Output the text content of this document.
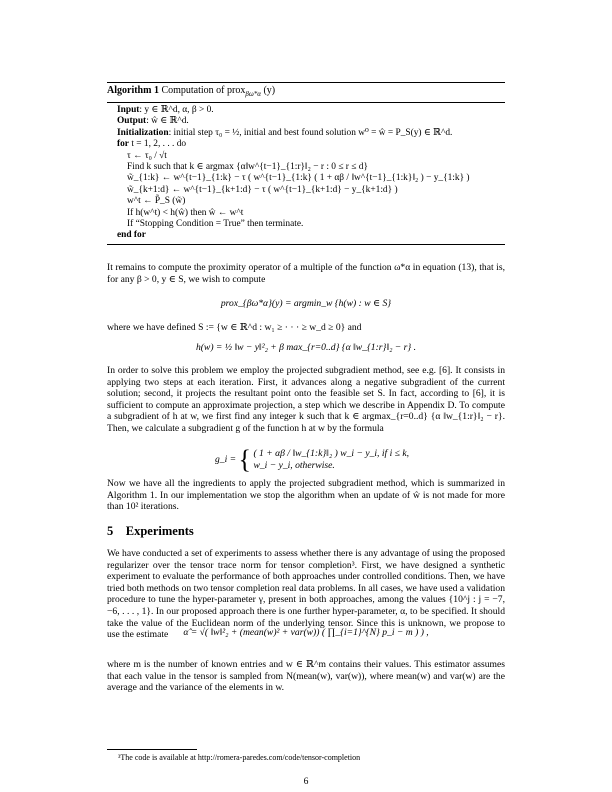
Algorithm 1 Computation of prox$_{\beta\omega*\alpha}$ (y)
Input: y ∈ ℝ^d, α, β > 0.
Output: ŵ ∈ ℝ^d.
Initialization: initial step τ₀ = ½, initial and best found solution w⁰ = ŵ = P_S(y) ∈ ℝ^d.
for t = 1, 2, . . . do
τ ← τ₀ / √t
Find k such that k ∈ argmax {α‖w^{t−1}_{1:r}‖₂ − r : 0 ≤ r ≤ d}
w̃_{1:k} ← w^{t−1}_{1:k} − τ ( w^{t−1}_{1:k} ( 1 + αβ / ‖w^{t−1}_{1:k}‖₂ ) − y_{1:k} )
w̃_{k+1:d} ← w^{t−1}_{k+1:d} − τ ( w^{t−1}_{k+1:d} − y_{k+1:d} )
w^t ← P̃_S (w̃)
If h(w^t) < h(ŵ) then ŵ ← w^t
If “Stopping Condition = True” then terminate.
end for
It remains to compute the proximity operator of a multiple of the function ω*α in equation (13), that is, for any β > 0, y ∈ S, we wish to compute
prox_{βω*α}(y) = argmin_w {h(w) : w ∈ S}
where we have defined S := {w ∈ ℝ^d : w₁ ≥ · · · ≥ w_d ≥ 0} and
h(w) = ½ ‖w − y‖²₂ + β max_{r=0..d} {α ‖w_{1:r}‖₂ − r} .
In order to solve this problem we employ the projected subgradient method, see e.g. [6]. It consists in applying two steps at each iteration. First, it advances along a negative subgradient of the current solution; second, it projects the resultant point onto the feasible set S. In fact, according to [6], it is sufficient to compute an approximate projection, a step which we describe in Appendix D. To compute a subgradient of h at w, we first find any integer k such that k ∈ argmax_{r=0..d} {α ‖w_{1:r}‖₂ − r}. Then, we calculate a subgradient g of the function h at w by the formula
g_i = { ( 1 + αβ / ‖w_{1:k}‖₂ ) w_i − y_i, if i ≤ k,
w_i − y_i, otherwise.
Now we have all the ingredients to apply the projected subgradient method, which is summarized in Algorithm 1. In our implementation we stop the algorithm when an update of ŵ is not made for more than 10² iterations.
5 Experiments
We have conducted a set of experiments to assess whether there is any advantage of using the proposed regularizer over the tensor trace norm for tensor completion³. First, we have designed a synthetic experiment to evaluate the performance of both approaches under controlled conditions. Then, we have tried both methods on two tensor completion real data problems. In all cases, we have used a validation procedure to tune the hyper-parameter γ, present in both approaches, among the values {10^j : j = −7, −6, . . . , 1}. In our proposed approach there is one further hyper-parameter, α, to be specified. It should take the value of the Euclidean norm of the underlying tensor. Since this is unknown, we propose to use the estimate	α̂ = √( ‖w‖²₂ + (mean(w)² + var(w)) ( ∏_{i=1}^{N} p_i − m ) ) ,
where m is the number of known entries and w ∈ ℝ^m contains their values. This estimator assumes that each value in the tensor is sampled from N(mean(w), var(w)), where mean(w) and var(w) are the average and the variance of the elements in w.
³The code is available at http://romera-paredes.com/code/tensor-completion
6
